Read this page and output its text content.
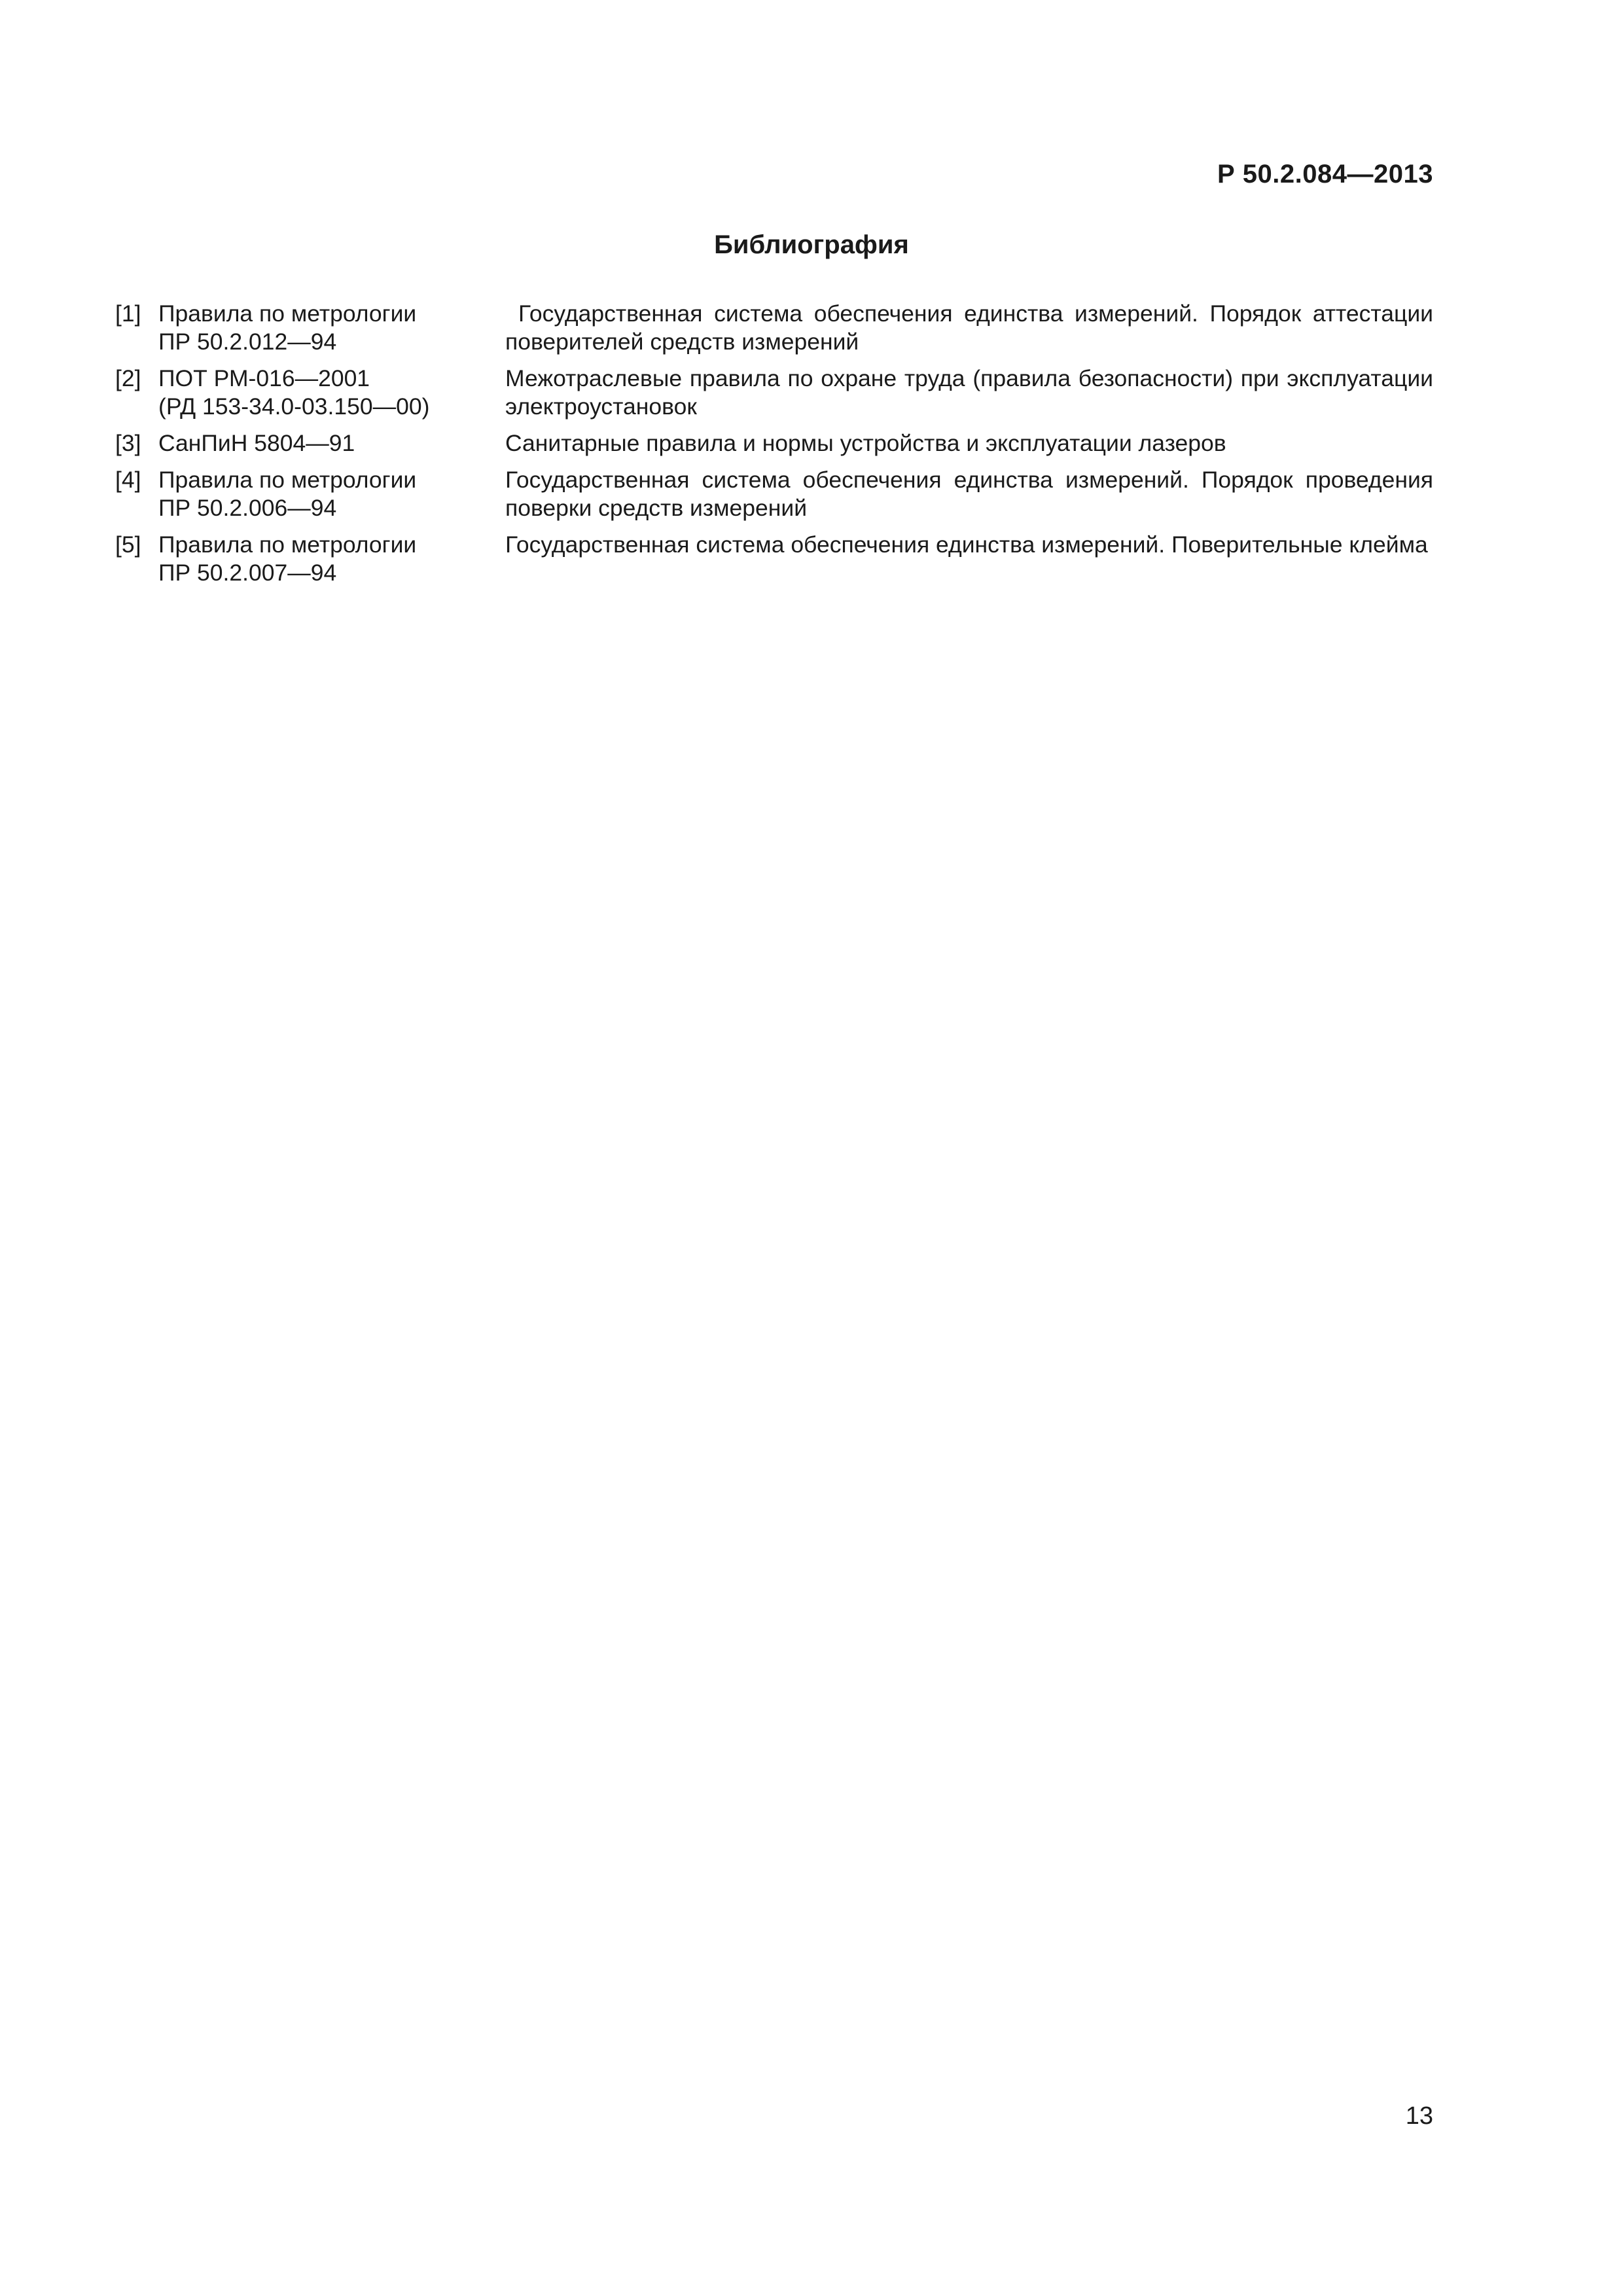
Р 50.2.084—2013
Библиография
[1] Правила по метрологии
ПР 50.2.012—94
Государственная система обеспечения единства измерений. Порядок аттестации поверителей средств измерений
[2] ПОТ РМ-016—2001
(РД 153-34.0-03.150—00)
Межотраслевые правила по охране труда (правила безопасности) при эксплуатации электроустановок
[3] СанПиН 5804—91	Санитарные правила и нормы устройства и эксплуатации лазеров
[4] Правила по метрологии
ПР 50.2.006—94
Государственная система обеспечения единства измерений. Порядок проведения поверки средств измерений
[5] Правила по метрологии
ПР 50.2.007—94
Государственная система обеспечения единства измерений. Поверительные клейма
13
